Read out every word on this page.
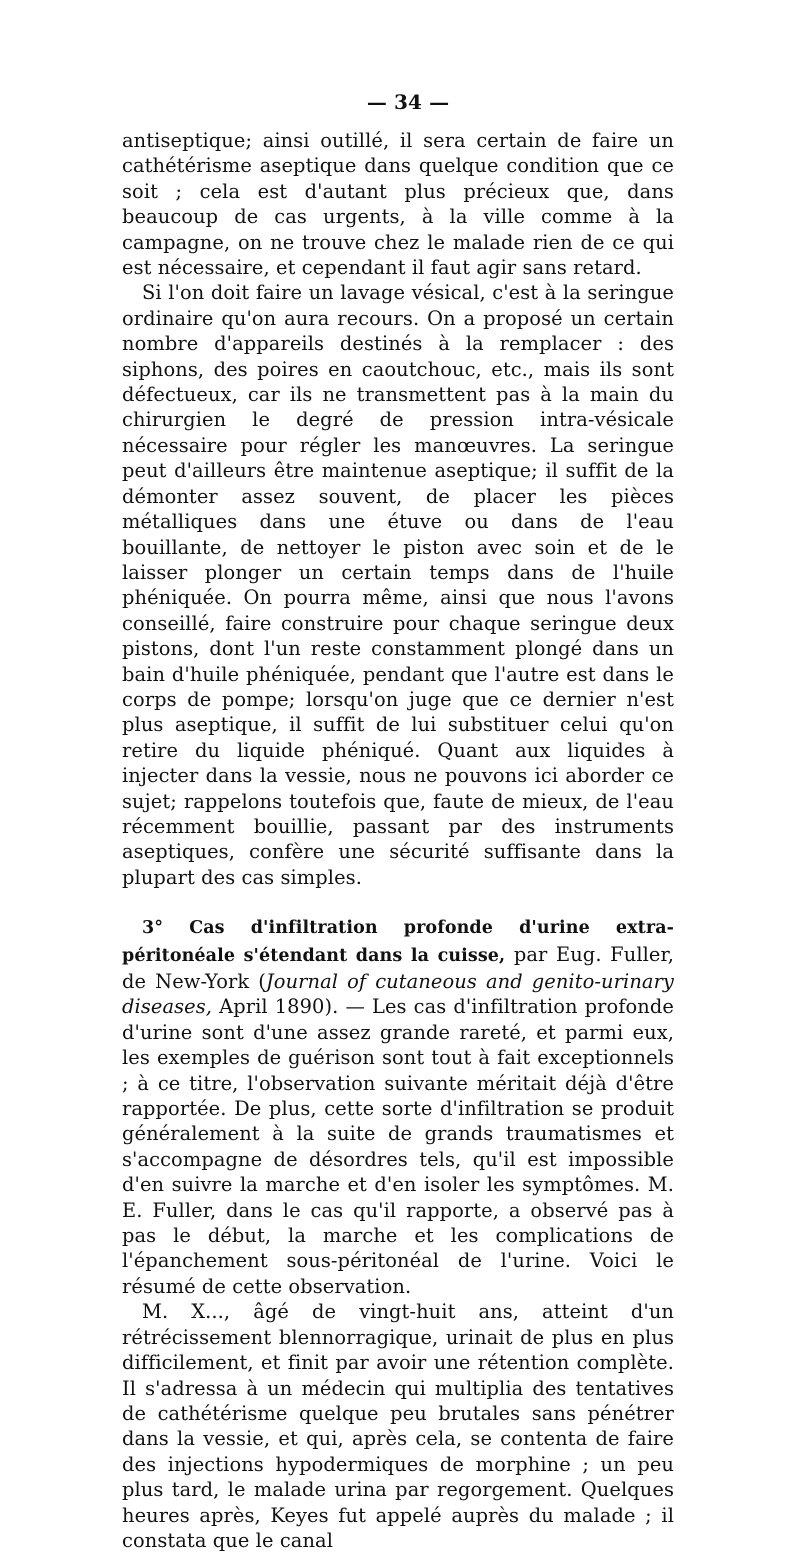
— 34 —

antiseptique; ainsi outillé, il sera certain de faire un cathétérisme aseptique dans quelque condition que ce soit ; cela est d'autant plus précieux que, dans beaucoup de cas urgents, à la ville comme à la campagne, on ne trouve chez le malade rien de ce qui est nécessaire, et cependant il faut agir sans retard.

Si l'on doit faire un lavage vésical, c'est à la seringue ordinaire qu'on aura recours. On a proposé un certain nombre d'appareils destinés à la remplacer : des siphons, des poires en caoutchouc, etc., mais ils sont défectueux, car ils ne transmettent pas à la main du chirurgien le degré de pression intra-vésicale nécessaire pour régler les manœuvres. La seringue peut d'ailleurs être maintenue aseptique; il suffit de la démonter assez souvent, de placer les pièces métalliques dans une étuve ou dans de l'eau bouillante, de nettoyer le piston avec soin et de le laisser plonger un certain temps dans de l'huile phéniquée. On pourra même, ainsi que nous l'avons conseillé, faire construire pour chaque seringue deux pistons, dont l'un reste constamment plongé dans un bain d'huile phéniquée, pendant que l'autre est dans le corps de pompe; lorsqu'on juge que ce dernier n'est plus aseptique, il suffit de lui substituer celui qu'on retire du liquide phéniqué. Quant aux liquides à injecter dans la vessie, nous ne pouvons ici aborder ce sujet; rappelons toutefois que, faute de mieux, de l'eau récemment bouillie, passant par des instruments aseptiques, confère une sécurité suffisante dans la plupart des cas simples.

3° Cas d'infiltration profonde d'urine extra-péritonéale s'étendant dans la cuisse, par Eug. Fuller, de New-York (Journal of cutaneous and genito-urinary diseases, April 1890). — Les cas d'infiltration profonde d'urine sont d'une assez grande rareté, et parmi eux, les exemples de guérison sont tout à fait exceptionnels ; à ce titre, l'observation suivante méritait déjà d'être rapportée. De plus, cette sorte d'infiltration se produit généralement à la suite de grands traumatismes et s'accompagne de désordres tels, qu'il est impossible d'en suivre la marche et d'en isoler les symptômes. M. E. Fuller, dans le cas qu'il rapporte, a observé pas à pas le début, la marche et les complications de l'épanchement sous-péritonéal de l'urine. Voici le résumé de cette observation.

M. X..., âgé de vingt-huit ans, atteint d'un rétrécissement blennorragique, urinait de plus en plus difficilement, et finit par avoir une rétention complète. Il s'adressa à un médecin qui multiplia des tentatives de cathétérisme quelque peu brutales sans pénétrer dans la vessie, et qui, après cela, se contenta de faire des injections hypodermiques de morphine ; un peu plus tard, le malade urina par regorgement. Quelques heures après, Keyes fut appelé auprès du malade ; il constata que le canal
